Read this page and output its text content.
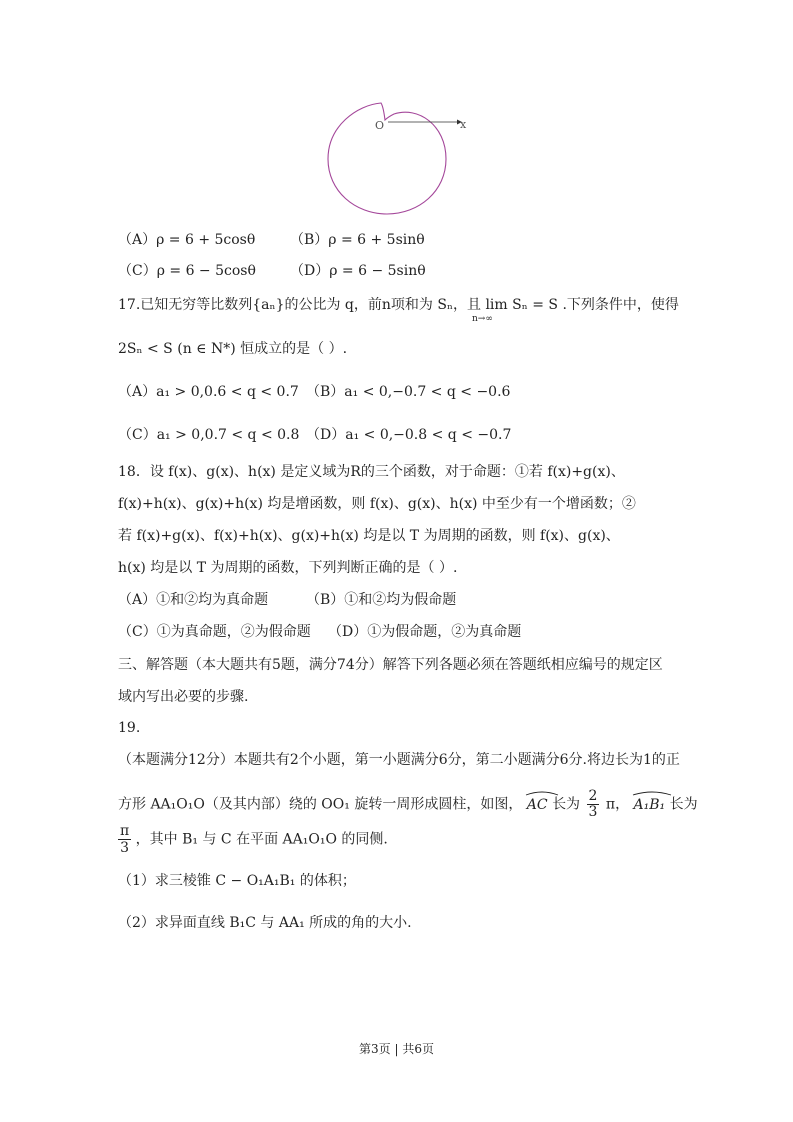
O	x
（A）ρ = 6 + 5cosθ （B）ρ = 6 + 5sinθ
（C）ρ = 6 − 5cosθ （D）ρ = 6 − 5sinθ
17.已知无穷等比数列{aₙ}的公比为 q，前n项和为 Sₙ，且 lim Sₙ = S .下列条件中，使得
n→∞
2Sₙ < S (n ∈ N*) 恒成立的是（ ）.
（A）a₁ > 0,0.6 < q < 0.7 （B）a₁ < 0,−0.7 < q < −0.6
（C）a₁ > 0,0.7 < q < 0.8 （D）a₁ < 0,−0.8 < q < −0.7
18．设 f(x)、g(x)、h(x) 是定义域为R的三个函数，对于命题：①若 f(x)+g(x)、
f(x)+h(x)、g(x)+h(x) 均是增函数，则 f(x)、g(x)、h(x) 中至少有一个增函数；②
若 f(x)+g(x)、f(x)+h(x)、g(x)+h(x) 均是以 T 为周期的函数，则 f(x)、g(x)、
h(x) 均是以 T 为周期的函数，下列判断正确的是（ ）.
（A）①和②均为真命题	（B）①和②均为假命题
（C）①为真命题，②为假命题 （D）①为假命题，②为真命题
三、解答题（本大题共有5题，满分74分）解答下列各题必须在答题纸相应编号的规定区
域内写出必要的步骤.
19.
（本题满分12分）本题共有2个小题，第一小题满分6分，第二小题满分6分.将边长为1的正
方形 AA₁O₁O（及其内部）绕的 OO₁ 旋转一周形成圆柱，如图， AC 长为 $\frac{2}{3}$ π， A₁B₁ 长为
$\frac{\pi}{3}$ ，其中 B₁ 与 C 在平面 AA₁O₁O 的同侧.
（1）求三棱锥 C − O₁A₁B₁ 的体积；
（2）求异面直线 B₁C 与 AA₁ 所成的角的大小.
第3页 | 共6页
